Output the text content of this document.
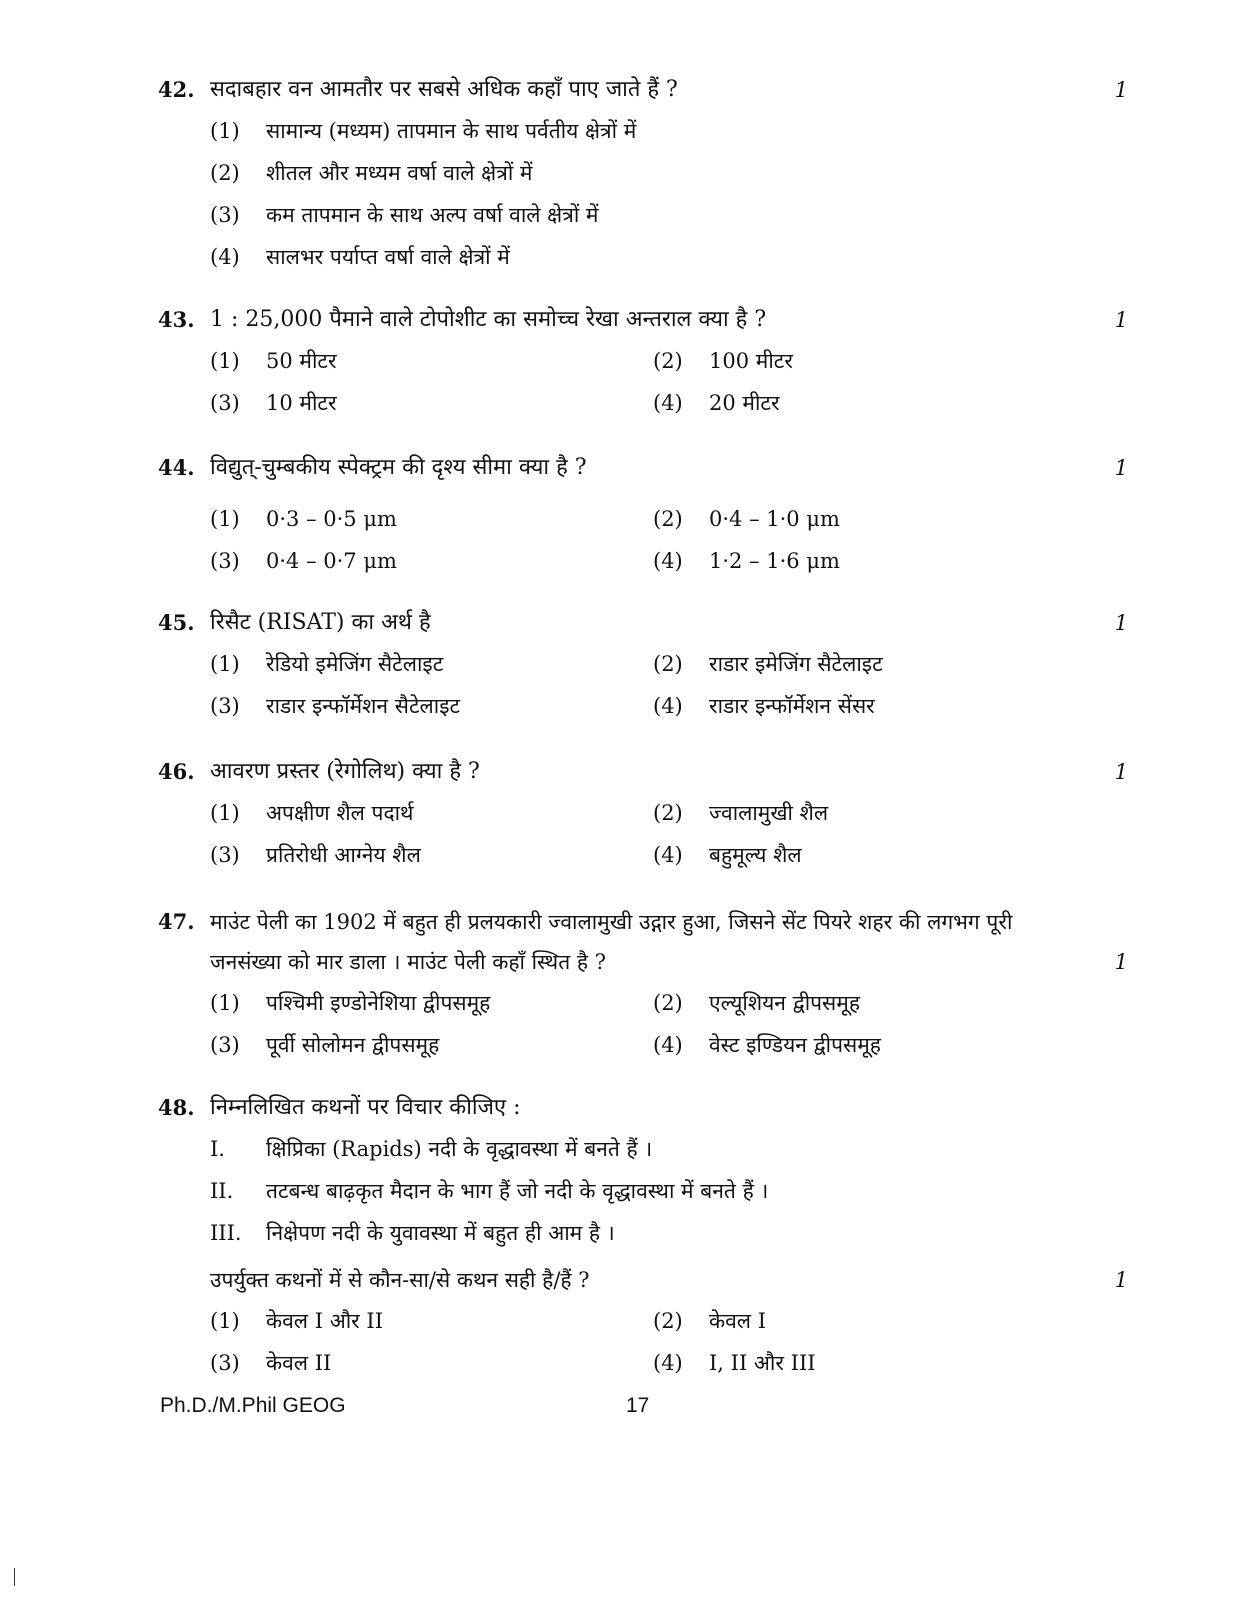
42. सदाबहार वन आमतौर पर सबसे अधिक कहाँ पाए जाते हैं ?	1
(1) सामान्य (मध्यम) तापमान के साथ पर्वतीय क्षेत्रों में
(2) शीतल और मध्यम वर्षा वाले क्षेत्रों में
(3) कम तापमान के साथ अल्प वर्षा वाले क्षेत्रों में
(4) सालभर पर्याप्त वर्षा वाले क्षेत्रों में
43. 1 : 25,000 पैमाने वाले टोपोशीट का समोच्च रेखा अन्तराल क्या है ?	1
(1) 50 मीटर	(2) 100 मीटर
(3) 10 मीटर	(4) 20 मीटर
44. विद्युत्-चुम्बकीय स्पेक्ट्रम की दृश्य सीमा क्या है ?	1
(1) 0·3 – 0·5 μm	(2) 0·4 – 1·0 μm
(3) 0·4 – 0·7 μm	(4) 1·2 – 1·6 μm
45. रिसैट (RISAT) का अर्थ है	1
(1) रेडियो इमेजिंग सैटेलाइट	(2) राडार इमेजिंग सैटेलाइट
(3) राडार इन्फॉर्मेशन सैटेलाइट	(4) राडार इन्फॉर्मेशन सेंसर
46. आवरण प्रस्तर (रेगोलिथ) क्या है ?	1
(1) अपक्षीण शैल पदार्थ	(2) ज्वालामुखी शैल
(3) प्रतिरोधी आग्नेय शैल	(4) बहुमूल्य शैल
47. माउंट पेली का 1902 में बहुत ही प्रलयकारी ज्वालामुखी उद्गार हुआ, जिसने सेंट पियरे शहर की लगभग पूरी जनसंख्या को मार डाला । माउंट पेली कहाँ स्थित है ?	1
(1) पश्चिमी इण्डोनेशिया द्वीपसमूह	(2) एल्यूशियन द्वीपसमूह
(3) पूर्वी सोलोमन द्वीपसमूह	(4) वेस्ट इण्डियन द्वीपसमूह
48. निम्नलिखित कथनों पर विचार कीजिए :
I. क्षिप्रिका (Rapids) नदी के वृद्धावस्था में बनते हैं ।
II. तटबन्ध बाढ़कृत मैदान के भाग हैं जो नदी के वृद्धावस्था में बनते हैं ।
III. निक्षेपण नदी के युवावस्था में बहुत ही आम है ।
उपर्युक्त कथनों में से कौन-सा/से कथन सही है/हैं ?	1
(1) केवल I और II	(2) केवल I
(3) केवल II	(4) I, II और III
Ph.D./M.Phil GEOG	17
